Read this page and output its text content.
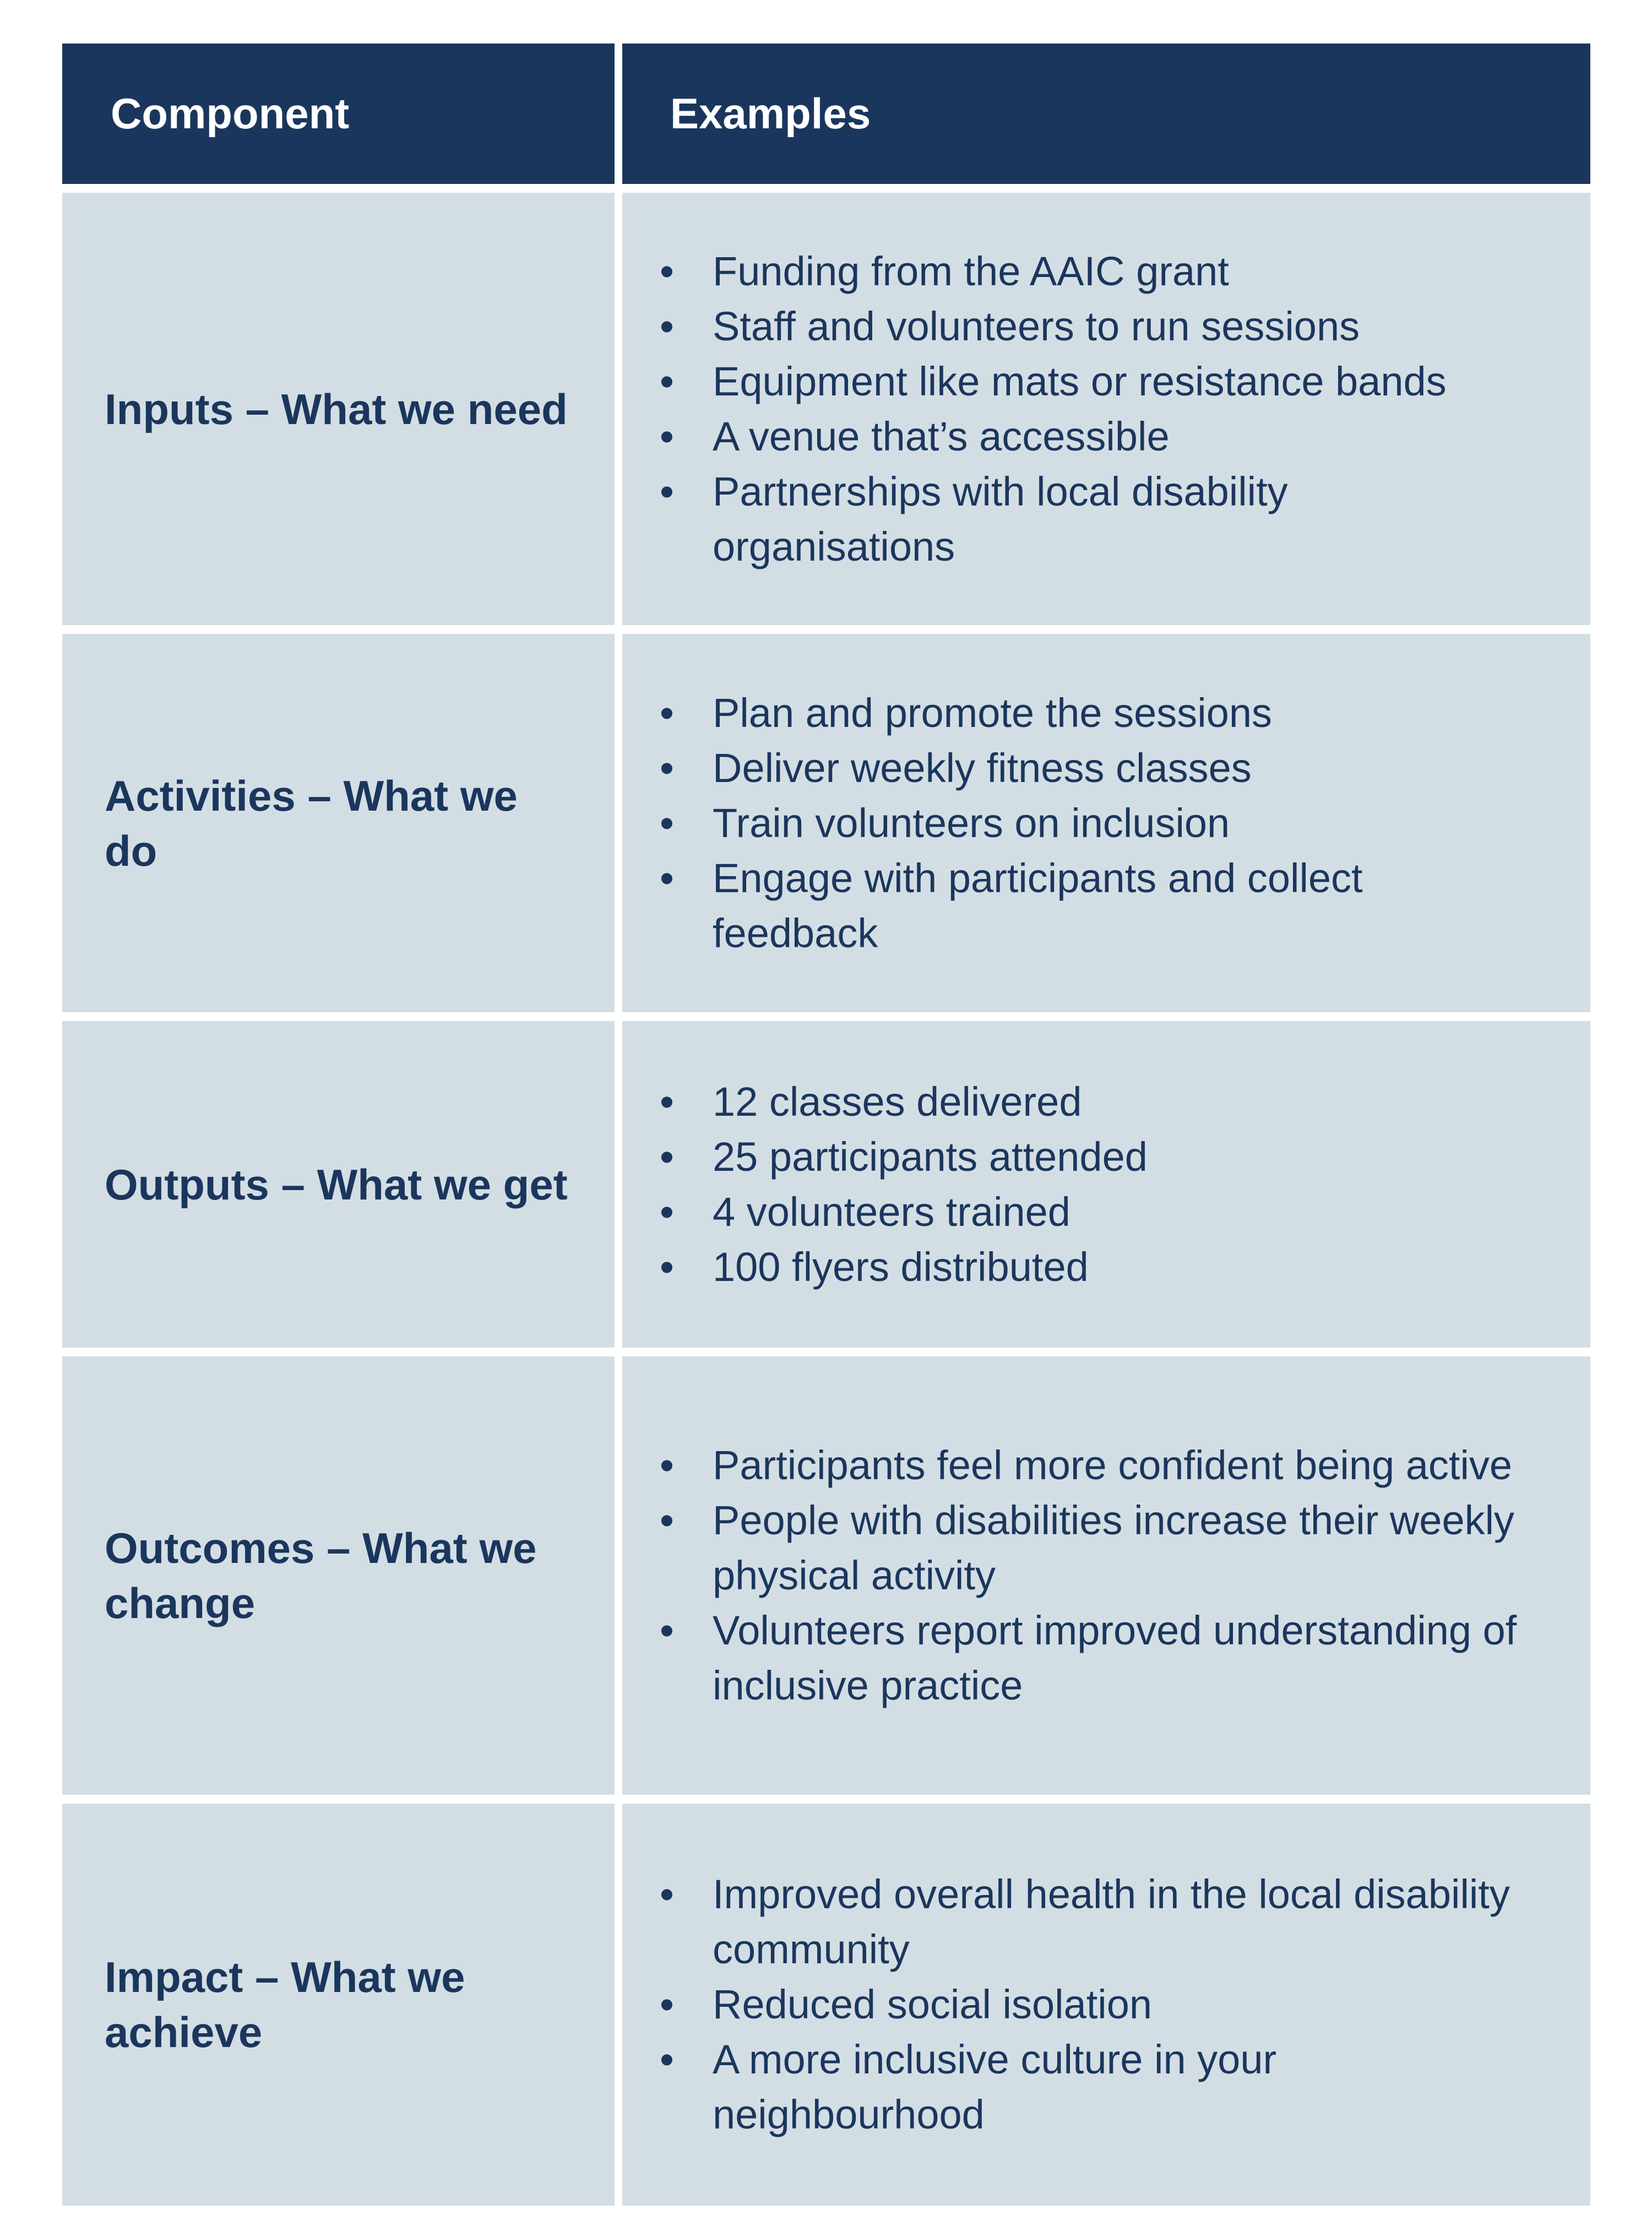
Component	Examples
Inputs – What we need
• Funding from the AAIC grant
• Staff and volunteers to run sessions
• Equipment like mats or resistance bands
• A venue that’s accessible
• Partnerships with local disability organisations
Activities – What we do
• Plan and promote the sessions
• Deliver weekly fitness classes
• Train volunteers on inclusion
• Engage with participants and collect feedback
Outputs – What we get
• 12 classes delivered
• 25 participants attended
• 4 volunteers trained
• 100 flyers distributed
Outcomes – What we change
• Participants feel more confident being active
• People with disabilities increase their weekly physical activity
• Volunteers report improved understanding of inclusive practice
Impact – What we achieve
• Improved overall health in the local disability community
• Reduced social isolation
• A more inclusive culture in your neighbourhood
